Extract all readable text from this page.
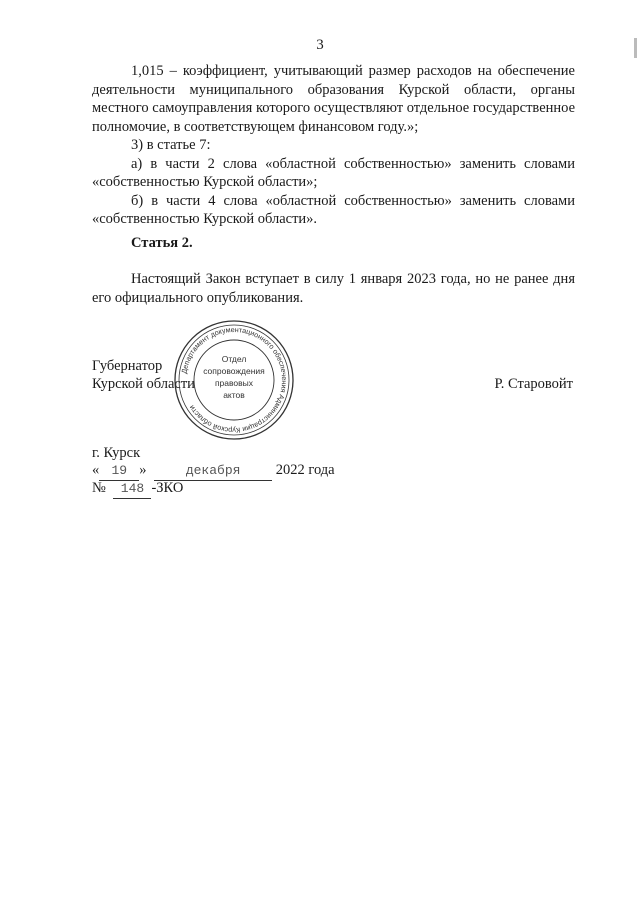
3

1,015 – коэффициент, учитывающий размер расходов на обеспечение деятельности муниципального образования Курской области, органы местного самоуправления которого осуществляют отдельное государственное полномочие, в соответствующем финансовом году.»;

3) в статье 7:

а) в части 2 слова «областной собственностью» заменить словами «собственностью Курской области»;

б) в части 4 слова «областной собственностью» заменить словами «собственностью Курской области».

Статья 2.

Настоящий Закон вступает в силу 1 января 2023 года, но не ранее дня его официального опубликования.

Губернатор
Курской области	Р. Старовойт
Департамент документационного обеспечения Администрации Курской области
Отдел
сопровождения
правовых
актов
г. Курск
« 19 »	декабря 2022 года
№ 148 -ЗКО
